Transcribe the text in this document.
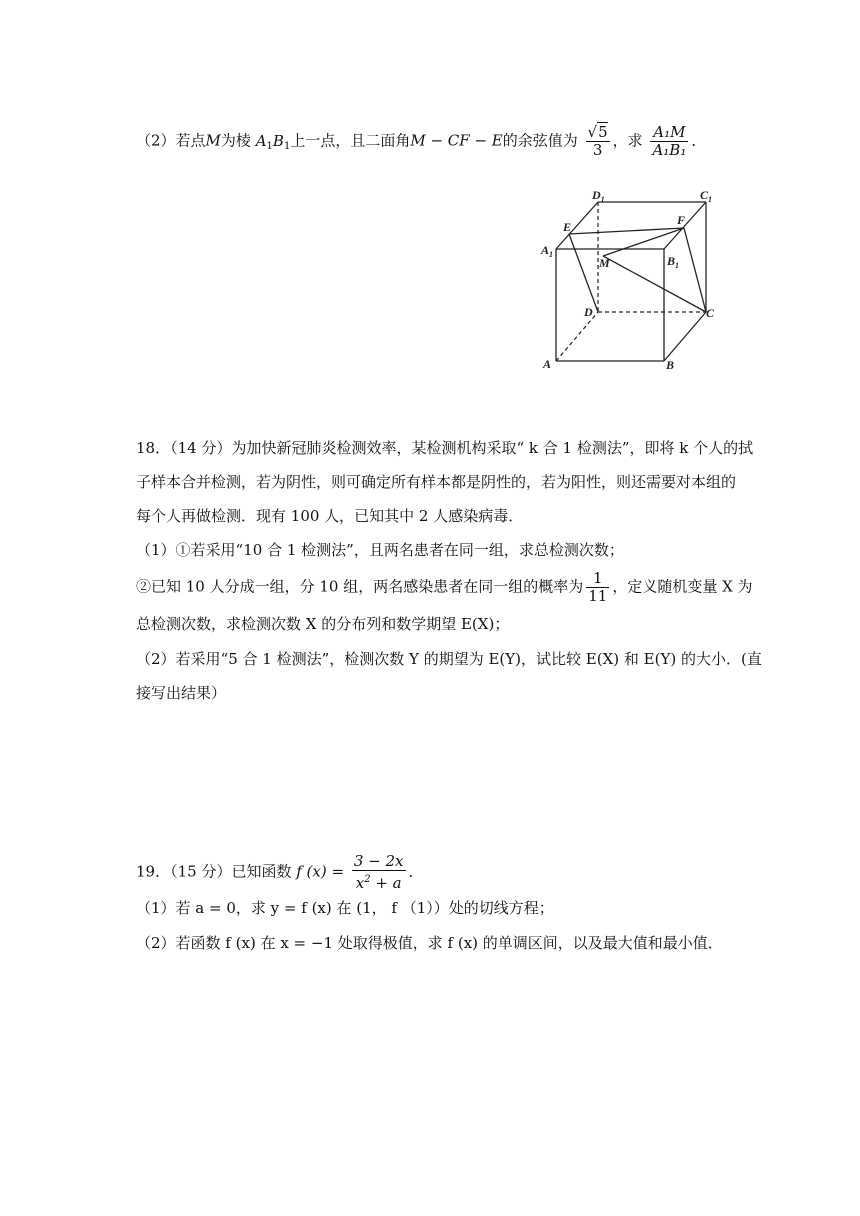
（2）若点M为棱 $A_1B_1$上一点，且二面角M − CF − E的余弦值为 $\frac{√5}{3}$ ，求 $\frac{\text{A₁M}}{\text{A₁B₁}}$ ．
$D_1$	$C_1$
E	F
$A_1$
M	$B_1$
D	C
A	B
18．（14 分）为加快新冠肺炎检测效率，某检测机构采取“ k 合 1 检测法”，即将 k 个人的拭
子样本合并检测，若为阴性，则可确定所有样本都是阴性的，若为阳性，则还需要对本组的
每个人再做检测．现有 100 人，已知其中 2 人感染病毒．
（1）①若采用“10 合 1 检测法”，且两名患者在同一组，求总检测次数；
②已知 10 人分成一组，分 10 组，两名感染患者在同一组的概率为 $\frac{1}{11}$ ，定义随机变量 X 为
总检测次数，求检测次数 X 的分布列和数学期望 E(X)；
（2）若采用“5 合 1 检测法”，检测次数 Y 的期望为 E(Y)，试比较 E(X) 和 E(Y) 的大小．(直
接写出结果）
19．（15 分）已知函数 f $(x) = \frac{3 - 2x}{x^2 + a}$ ．
（1）若 a = 0，求 y = f (x) 在 (1， f （1））处的切线方程；
（2）若函数 f (x) 在 x = −1 处取得极值，求 f (x) 的单调区间，以及最大值和最小值．
